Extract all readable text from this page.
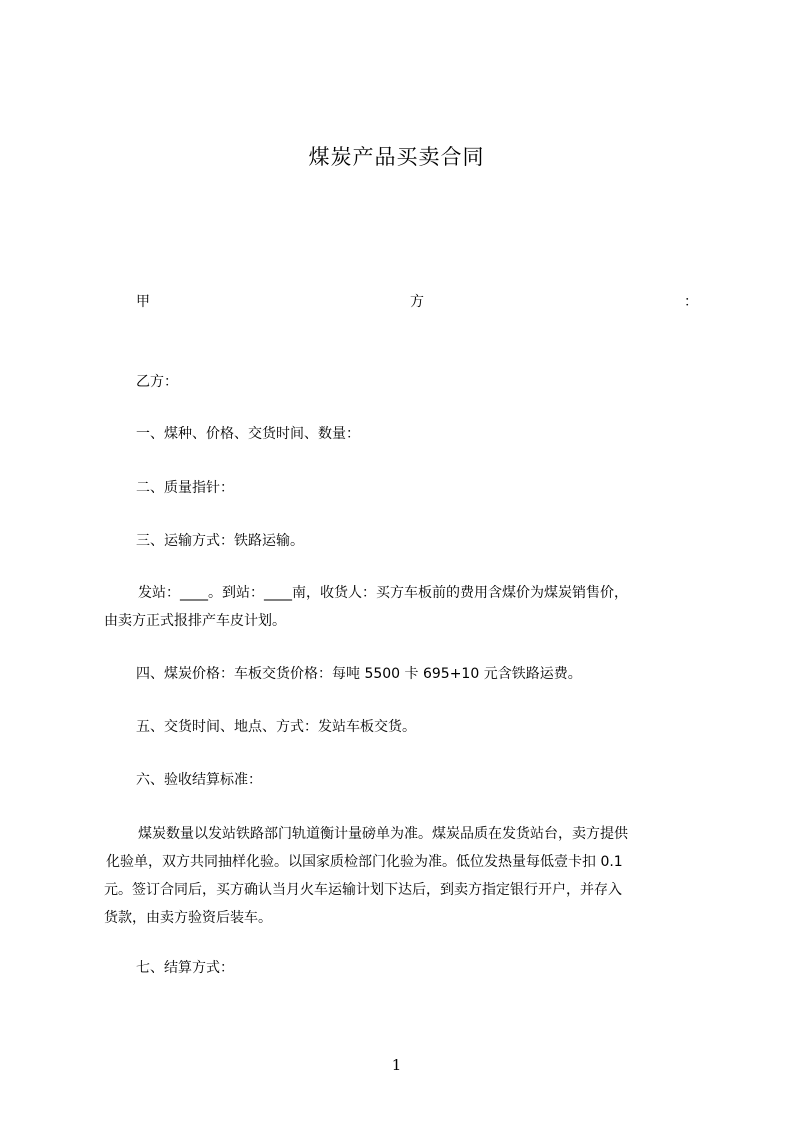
煤炭产品买卖合同
甲	方	：
乙方：
一、煤种、价格、交货时间、数量：
二、质量指针：
三、运输方式：铁路运输。
发站：____。到站：____南，收货人：买方车板前的费用含煤价为煤炭销售价，
由卖方正式报排产车皮计划。
四、煤炭价格：车板交货价格：每吨 5500 卡 695+10 元含铁路运费。
五、交货时间、地点、方式：发站车板交货。
六、验收结算标准：
煤炭数量以发站铁路部门轨道衡计量磅单为准。煤炭品质在发货站台，卖方提供
化验单，双方共同抽样化验。以国家质检部门化验为准。低位发热量每低壹卡扣 0.1
元。签订合同后，买方确认当月火车运输计划下达后，到卖方指定银行开户，并存入
货款，由卖方验资后装车。
七、结算方式：
1
